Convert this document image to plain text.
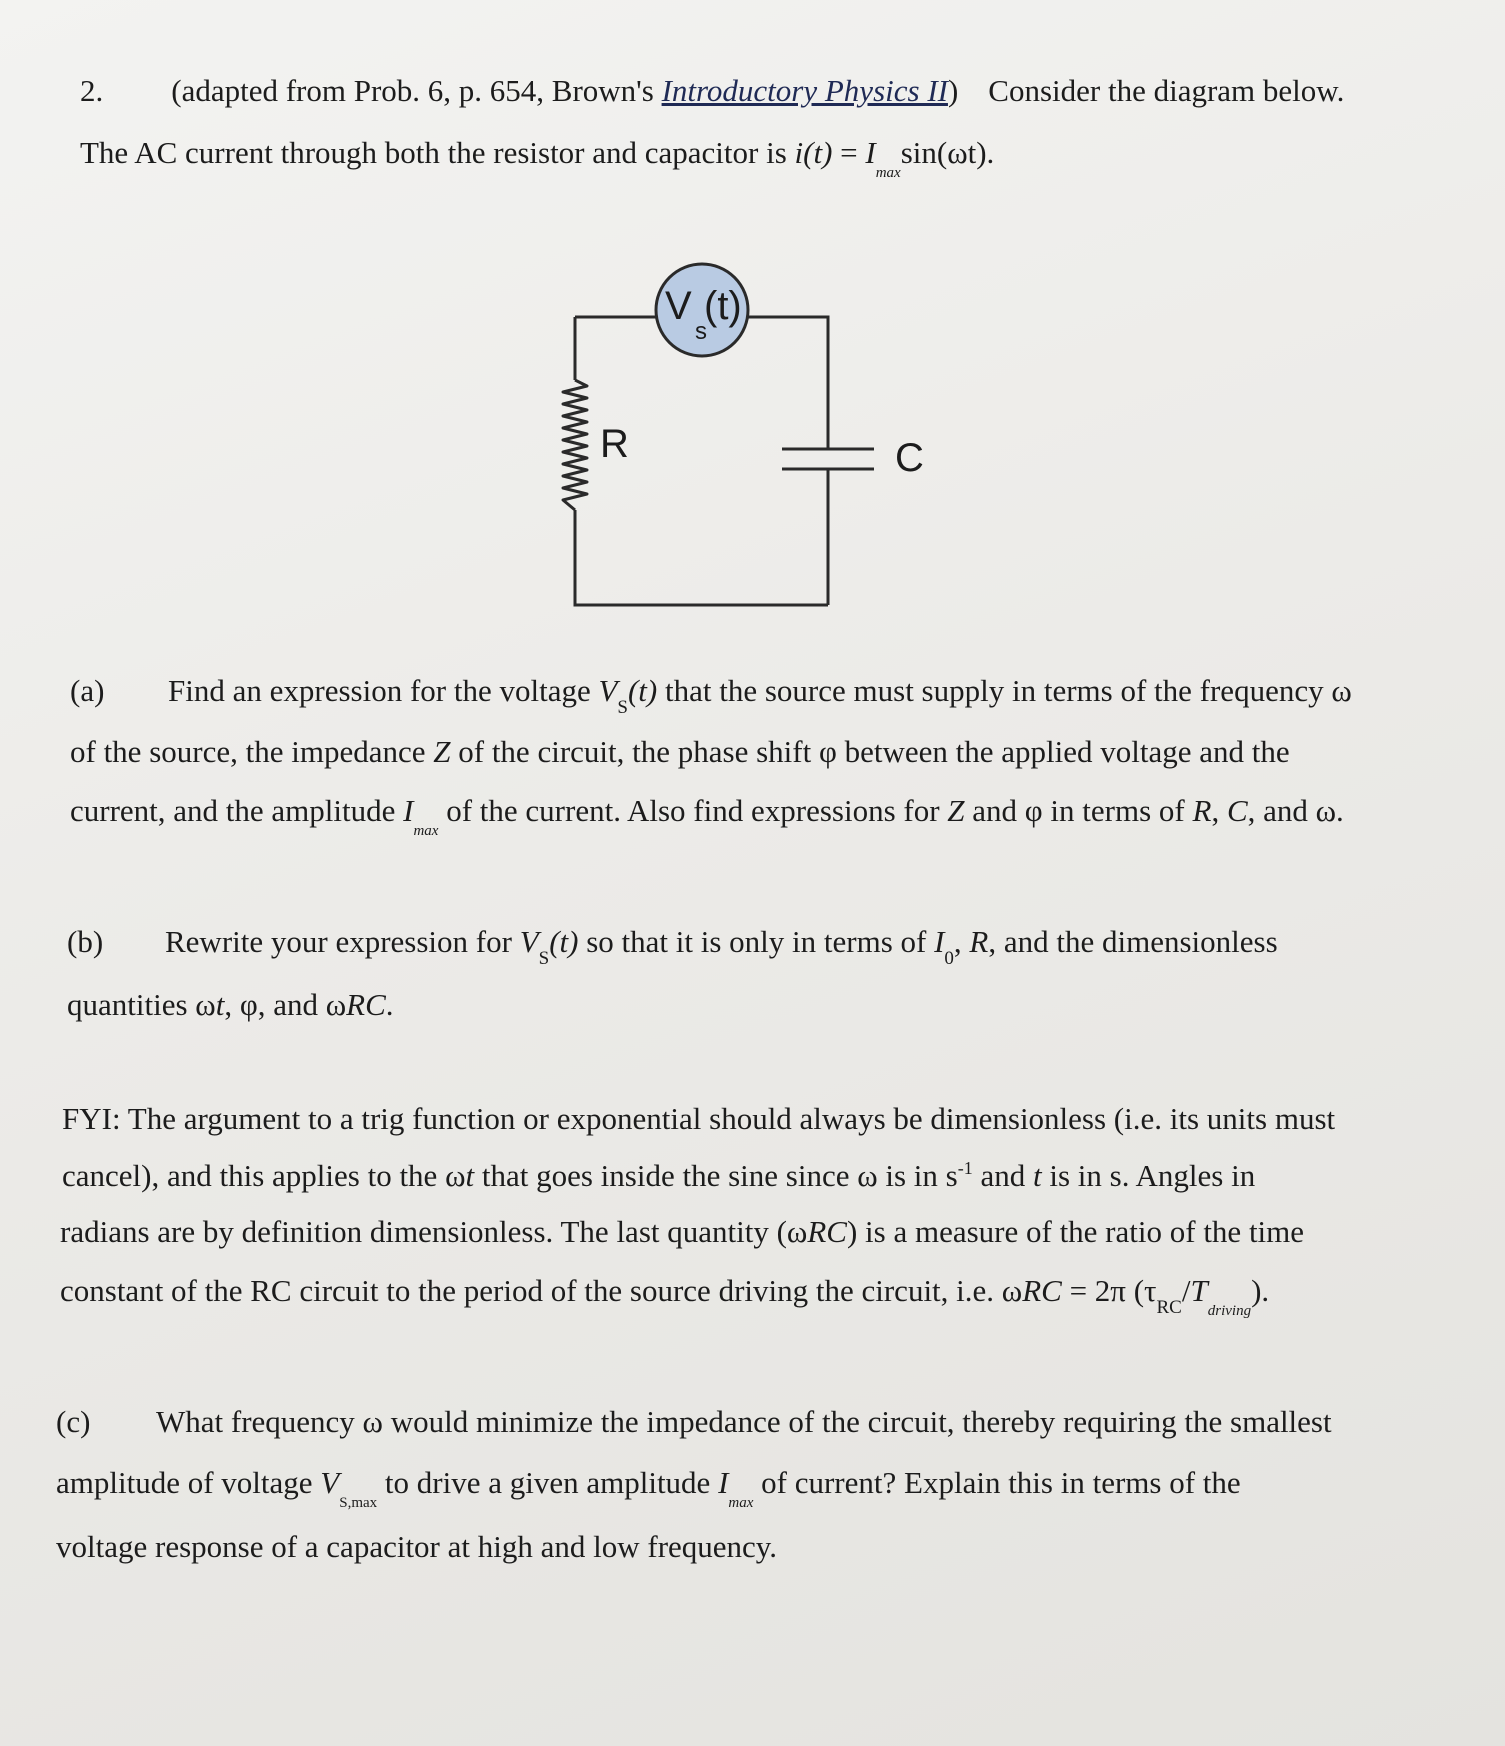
2. (adapted from Prob. 6, p. 654, Brown's Introductory Physics II) Consider the diagram below.
The AC current through both the resistor and capacitor is $i(t) = I_{max}\sin(\omega t)$.
V
s
(t)
R	C
(a) Find an expression for the voltage $V_S(t)$ that the source must supply in terms of the frequency ω
of the source, the impedance Z of the circuit, the phase shift φ between the applied voltage and the
current, and the amplitude $I_{max}$ of the current. Also find expressions for Z and φ in terms of R, C, and ω.
(b) Rewrite your expression for $V_S(t)$ so that it is only in terms of $I_0$, R, and the dimensionless
quantities ωt, φ, and ωRC.
FYI: The argument to a trig function or exponential should always be dimensionless (i.e. its units must
cancel), and this applies to the ωt that goes inside the sine since ω is in $s^{-1}$ and t is in s. Angles in
radians are by definition dimensionless. The last quantity (ωRC) is a measure of the ratio of the time
constant of the RC circuit to the period of the source driving the circuit, i.e. ωRC = 2π $(\tau_{RC}/T_{driving})$.
(c) What frequency ω would minimize the impedance of the circuit, thereby requiring the smallest
amplitude of voltage $V_{S,max}$ to drive a given amplitude $I_{max}$ of current? Explain this in terms of the
voltage response of a capacitor at high and low frequency.
